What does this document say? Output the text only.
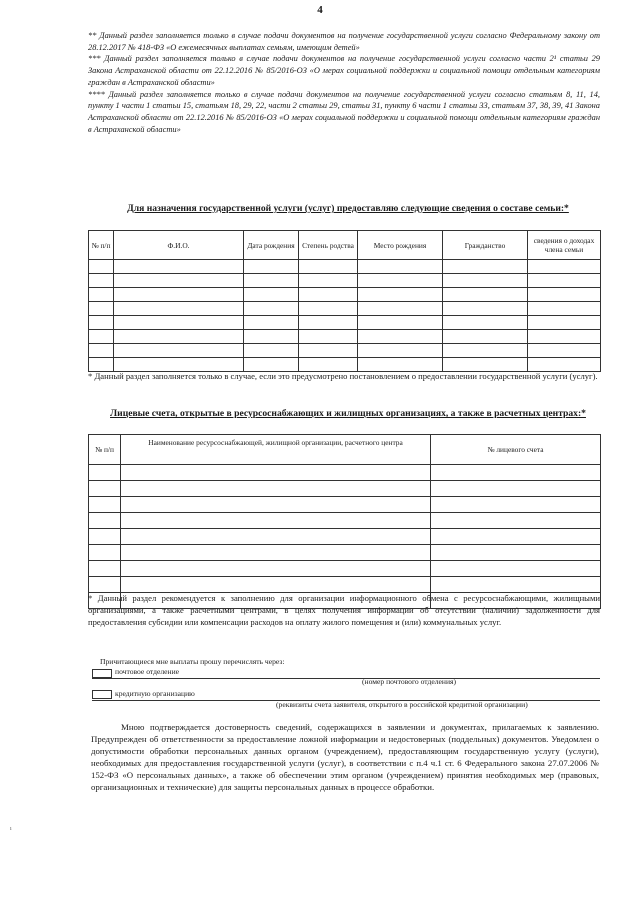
4

** Данный раздел заполняется только в случае подачи документов на получение государственной услуги согласно Федеральному закону от 28.12.2017 № 418-ФЗ «О ежемесячных выплатах семьям, имеющим детей»

*** Данный раздел заполняется только в случае подачи документов на получение государственной услуги согласно части 2¹ статьи 29 Закона Астраханской области от 22.12.2016 № 85/2016-ОЗ «О мерах социальной поддержки и социальной помощи отдельным категориям граждан в Астраханской области»

**** Данный раздел заполняется только в случае подачи документов на получение государственной услуги согласно статьям 8, 11, 14, пункту 1 части 1 статьи 15, статьям 18, 29, 22, части 2 статьи 29, статьи 31, пункту 6 части 1 статьи 33, статьям 37, 38, 39, 41 Закона Астраханской области от 22.12.2016 № 85/2016-ОЗ «О мерах социальной поддержки и социальной помощи отдельным категориям граждан в Астраханской области»

Для назначения государственной услуги (услуг) предоставляю следующие сведения о составе семьи:*
№ п/п	Ф.И.О.	Дата рождения	Степень родства	Место рождения	Гражданство	сведения о доходах члена семьи

* Данный раздел заполняется только в случае, если это предусмотрено постановлением о предоставлении государственной услуги (услуг).
Лицевые счета, открытые в ресурсоснабжающих и жилищных организациях, а также в расчетных центрах:*
№ п/п	Наименование ресурсоснабжающей, жилищной организации, расчетного центра	№ лицевого счета

* Данный раздел рекомендуется к заполнению для организации информационного обмена с ресурсоснабжающими, жилищными организациями, а также расчетными центрами, в целях получения информации об отсутствии (наличии) задолженности для предоставления субсидии или компенсации расходов на оплату жилого помещения и (или) коммунальных услуг.
Причитающиеся мне выплаты прошу перечислять через:
почтовое отделение
(номер почтового отделения)
кредитную организацию
(реквизиты счета заявителя, открытого в российской кредитной организации)
Мною подтверждается достоверность сведений, содержащихся в заявлении и документах, прилагаемых к заявлению. Предупрежден об ответственности за предоставление ложной информации и недостоверных (поддельных) документов. Уведомлен о допустимости обработки персональных данных органом (учреждением), предоставляющим государственную услугу (услуги), необходимых для предоставления государственной услуги (услуг), в соответствии с п.4 ч.1 ст. 6 Федерального закона 27.07.2006 № 152-ФЗ «О персональных данных», а также об обеспечении этим органом (учреждением) принятия необходимых мер (правовых, организационных и технические) для защиты персональных данных в процессе обработки.
ı
